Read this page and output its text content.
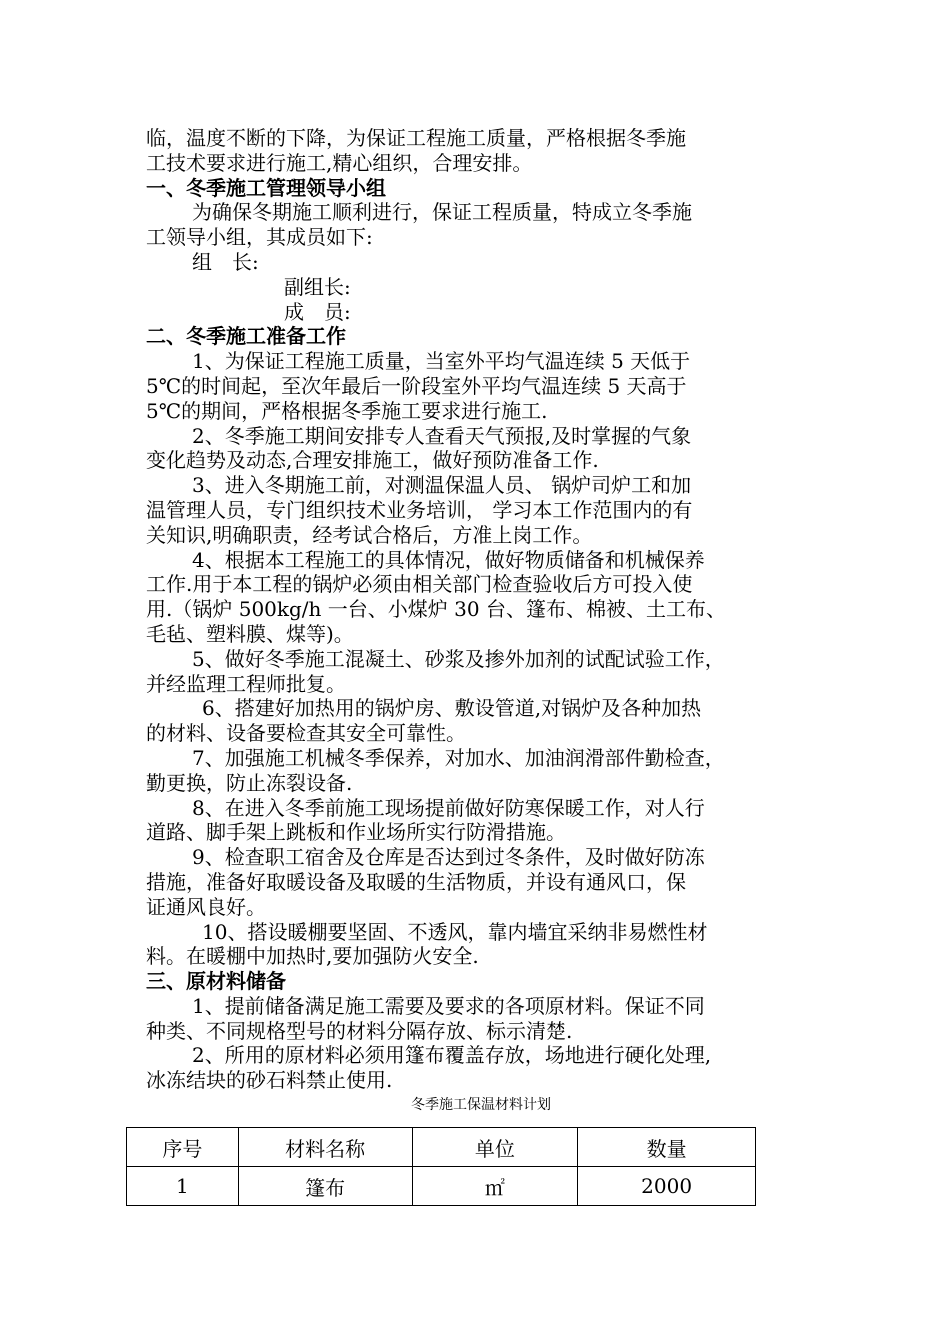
临，温度不断的下降，为保证工程施工质量，严格根据冬季施

工技术要求进行施工,精心组织，合理安排。

一、冬季施工管理领导小组

为确保冬期施工顺利进行，保证工程质量，特成立冬季施

工领导小组，其成员如下:

组　长:

副组长:

成　员:

二、冬季施工准备工作

1、为保证工程施工质量，当室外平均气温连续 5 天低于

5℃的时间起，至次年最后一阶段室外平均气温连续 5 天高于

5℃的期间，严格根据冬季施工要求进行施工.

2、冬季施工期间安排专人查看天气预报,及时掌握的气象

变化趋势及动态,合理安排施工，做好预防准备工作.

3、进入冬期施工前，对测温保温人员、 锅炉司炉工和加

温管理人员，专门组织技术业务培训， 学习本工作范围内的有

关知识,明确职责，经考试合格后，方准上岗工作。

4、根据本工程施工的具体情况，做好物质储备和机械保养

工作.用于本工程的锅炉必须由相关部门检查验收后方可投入使

用.（锅炉 500kg/h 一台、小煤炉 30 台、篷布、棉被、土工布、

毛毡、塑料膜、煤等)。

5、做好冬季施工混凝土、砂浆及掺外加剂的试配试验工作，

并经监理工程师批复。

6、搭建好加热用的锅炉房、敷设管道,对锅炉及各种加热

的材料、设备要检查其安全可靠性。

7、加强施工机械冬季保养，对加水、加油润滑部件勤检查，

勤更换，防止冻裂设备.

8、在进入冬季前施工现场提前做好防寒保暖工作，对人行

道路、脚手架上跳板和作业场所实行防滑措施。

9、检查职工宿舍及仓库是否达到过冬条件，及时做好防冻

措施，准备好取暖设备及取暖的生活物质，并设有通风口，保

证通风良好。

10、搭设暖棚要坚固、不透风，靠内墙宜采纳非易燃性材

料。在暖棚中加热时,要加强防火安全.

三、原材料储备

1、提前储备满足施工需要及要求的各项原材料。保证不同

种类、不同规格型号的材料分隔存放、标示清楚.

2、所用的原材料必须用篷布覆盖存放，场地进行硬化处理,

冰冻结块的砂石料禁止使用.

冬季施工保温材料计划

序号	材料名称	单位	数量
1	篷布	㎡	2000
